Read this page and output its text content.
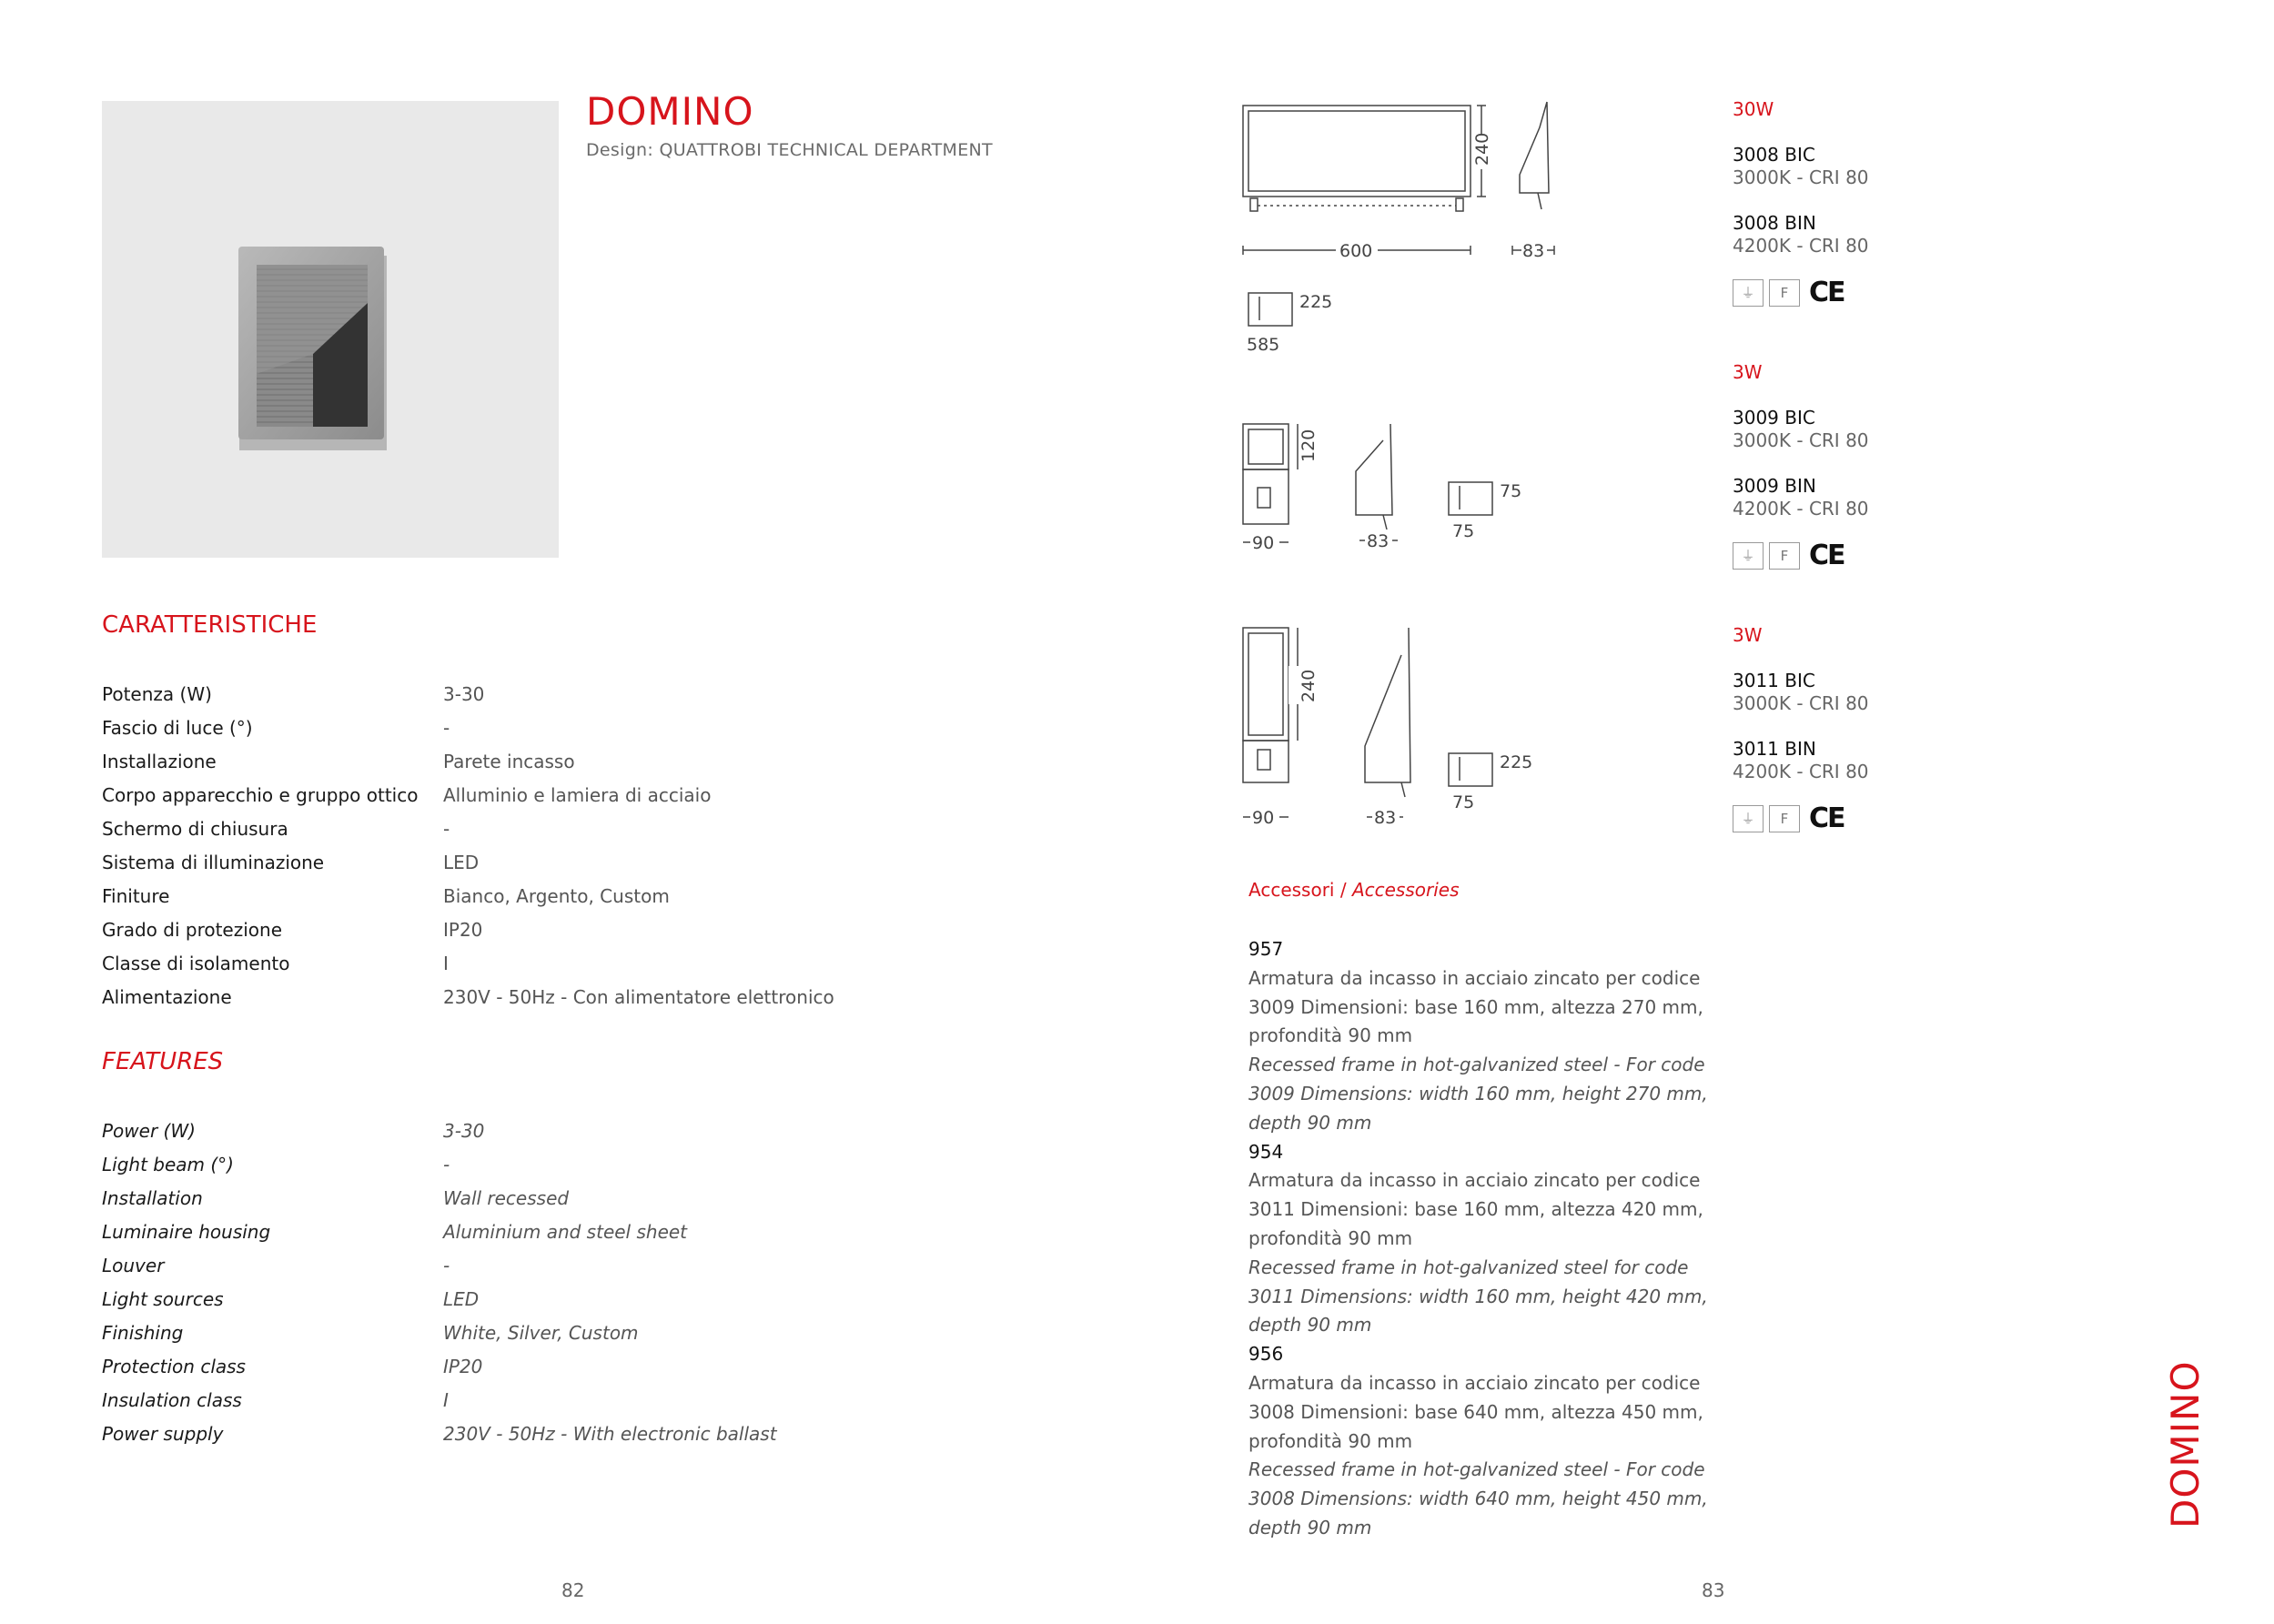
DOMINO
Design: QUATTROBI TECHNICAL DEPARTMENT
CARATTERISTICHE
Potenza (W)	3-30
Fascio di luce (°)	-
Installazione	Parete incasso
Corpo apparecchio e gruppo ottico	Alluminio e lamiera di acciaio
Schermo di chiusura	-
Sistema di illuminazione	LED
Finiture	Bianco, Argento, Custom
Grado di protezione	IP20
Classe di isolamento	I
Alimentazione	230V - 50Hz - Con alimentatore elettronico
FEATURES
Power (W)	3-30
Light beam (°)	-
Installation	Wall recessed
Luminaire housing	Aluminium and steel sheet
Louver	-
Light sources	LED
Finishing	White, Silver, Custom
Protection class	IP20
Insulation class	I
Power supply	230V - 50Hz - With electronic ballast
82
240
600	83
225
585
120
90	83
75
75
240
90	83
225
75
30W
3008 BIC
3000K - CRI 80
3008 BIN
4200K - CRI 80
⏚	F CE
3W
3009 BIC
3000K - CRI 80
3009 BIN
4200K - CRI 80
⏚	F CE
3W
3011 BIC
3000K - CRI 80
3011 BIN
4200K - CRI 80
⏚	F CE
Accessori / Accessories
957
Armatura da incasso in acciaio zincato per codice 3009 Dimensioni: base 160 mm, altezza 270 mm, profondità 90 mm
Recessed frame in hot-galvanized steel - For code 3009 Dimensions: width 160 mm, height 270 mm, depth 90 mm
954
Armatura da incasso in acciaio zincato per codice 3011 Dimensioni: base 160 mm, altezza 420 mm, profondità 90 mm
Recessed frame in hot-galvanized steel for code 3011 Dimensions: width 160 mm, height 420 mm, depth 90 mm
956
Armatura da incasso in acciaio zincato per codice 3008 Dimensioni: base 640 mm, altezza 450 mm, profondità 90 mm
Recessed frame in hot-galvanized steel - For code 3008 Dimensions: width 640 mm, height 450 mm, depth 90 mm
83
DOMINO
